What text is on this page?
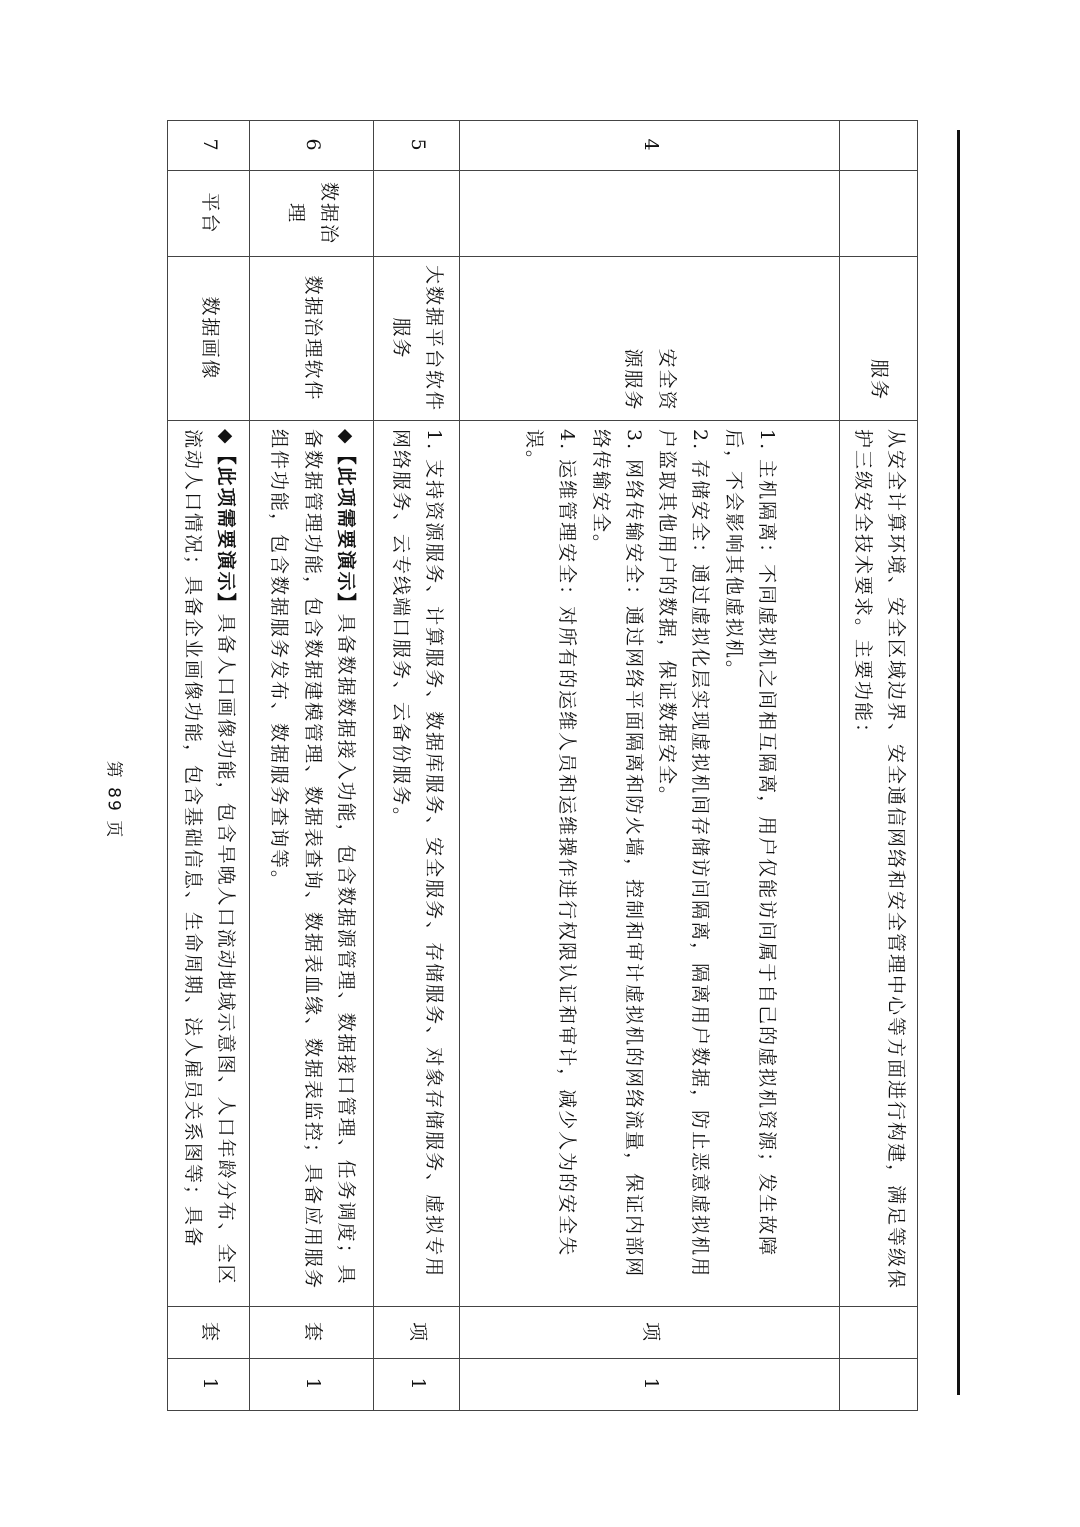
		服务	从安全计算环境、安全区域边界、安全通信网络和安全管理中心等方面进行构建，满足等级保护三级安全技术要求。主要功能：		

4		安全资源服务	1. 主机隔离：不同虚拟机之间相互隔离，用户仅能访问属于自己的虚拟机资源；发生故障后，不会影响其他虚拟机。

2. 存储安全：通过虚拟化层实现虚拟机间存储访问隔离，隔离用户数据，防止恶意虚拟机用户盗取其他用户的数据，保证数据安全。

3. 网络传输安全：通过网络平面隔离和防火墙，控制和审计虚拟机的网络流量，保证内部网络传输安全。

4. 运维管理安全：对所有的运维人员和运维操作进行权限认证和审计，减少人为的安全失误。	项	1
5		大数据平台软件服务	1. 支持资源服务、计算服务、数据库服务、安全服务、存储服务、对象存储服务、虚拟专用网络服务、云专线端口服务、云备份服务。	项	1
6	数据治理	数据治理软件	◆【此项需要演示】具备数据数据接入功能，包含数据源管理、数据接口管理、任务调度；具备数据管理功能，包含数据建模管理、数据表查询、数据表血缘、数据表监控；具备应用服务组件功能，包含数据服务发布、数据服务查询等。	套	1
7	平台	数据画像	◆【此项需要演示】具备人口画像功能，包含早晚人口流动地域示意图、人口年龄分布、全区流动人口情况；具备企业画像功能，包含基础信息、生命周期、法人雇员关系图等；具备	套	1
第 89 页
